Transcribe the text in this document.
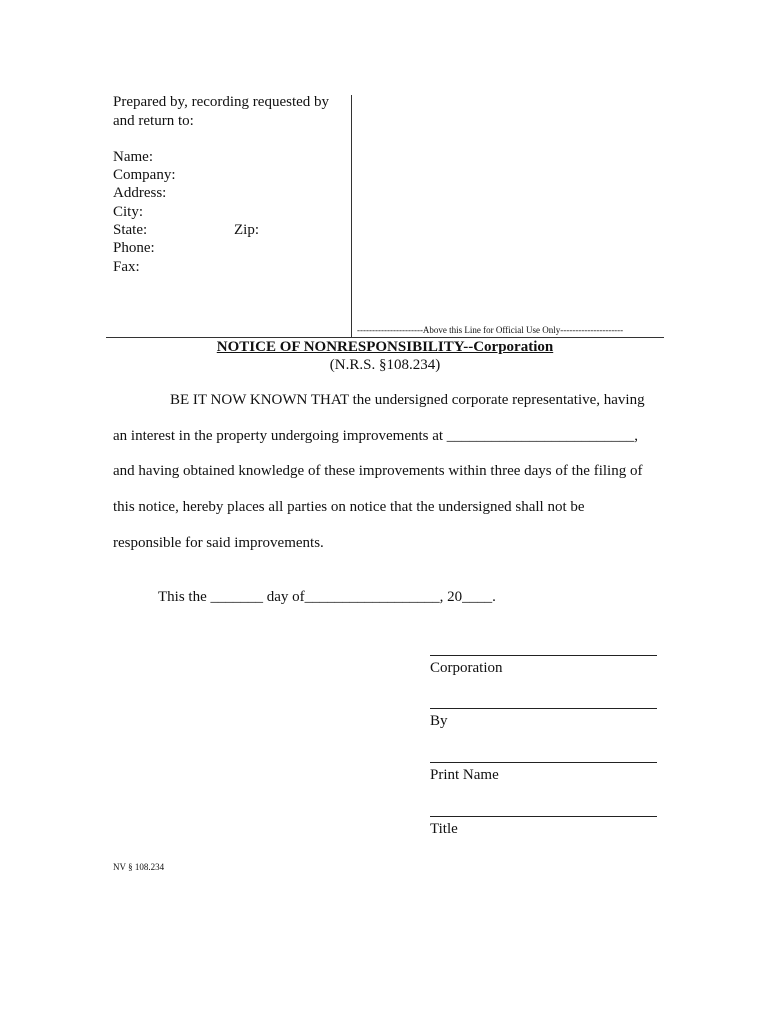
Prepared by, recording requested by
and return to:
Name:
Company:
Address:
City:
State:	Zip:
Phone:
Fax:
----------------------Above this Line for Official Use Only---------------------
NOTICE OF NONRESPONSIBILITY--Corporation
(N.R.S. §108.234)
BE IT NOW KNOWN THAT the undersigned corporate representative, having
an interest in the property undergoing improvements at _________________________,
and having obtained knowledge of these improvements within three days of the filing of
this notice, hereby places all parties on notice that the undersigned shall not be
responsible for said improvements.
This the _______ day of__________________, 20____.
Corporation
By
Print Name
Title
NV § 108.234
